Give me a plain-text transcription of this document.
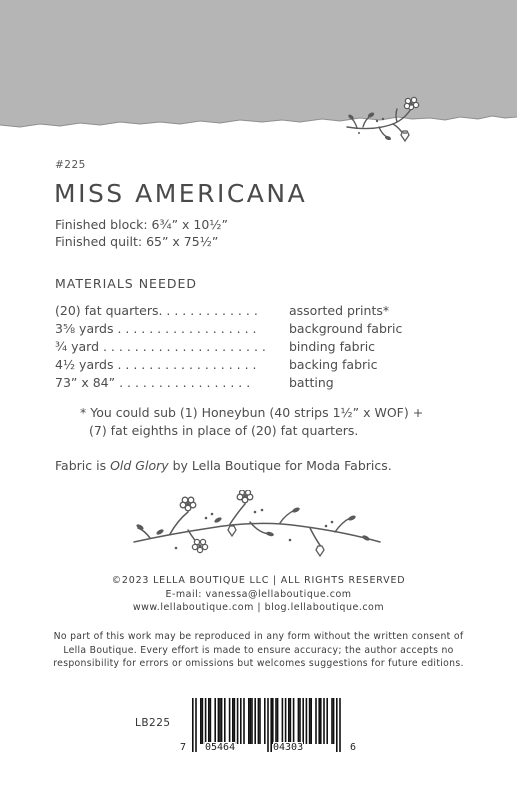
#225
MISS AMERICANA
Finished block: 6¾” x 10½”
Finished quilt: 65” x 75½”
MATERIALS NEEDED
(20) fat quarters. . . . . . . . . . . . .	assorted prints*
3⅝ yards . . . . . . . . . . . . . . . . . .	background fabric
¾ yard . . . . . . . . . . . . . . . . . . . . .	binding fabric
4½ yards . . . . . . . . . . . . . . . . . .	backing fabric
73” x 84” . . . . . . . . . . . . . . . . .	batting
* You could sub (1) Honeybun (40 strips 1½” x WOF) +
(7) fat eighths in place of (20) fat quarters.
Fabric is Old Glory by Lella Boutique for Moda Fabrics.
©2023 LELLA BOUTIQUE LLC | ALL RIGHTS RESERVED
E-mail: vanessa@lellaboutique.com
www.lellaboutique.com | blog.lellaboutique.com
No part of this work may be reproduced in any form without the written consent of Lella Boutique. Every effort is made to ensure accuracy; the author accepts no responsibility for errors or omissions but welcomes suggestions for future editions.
LB225
7 05464	04303	6
